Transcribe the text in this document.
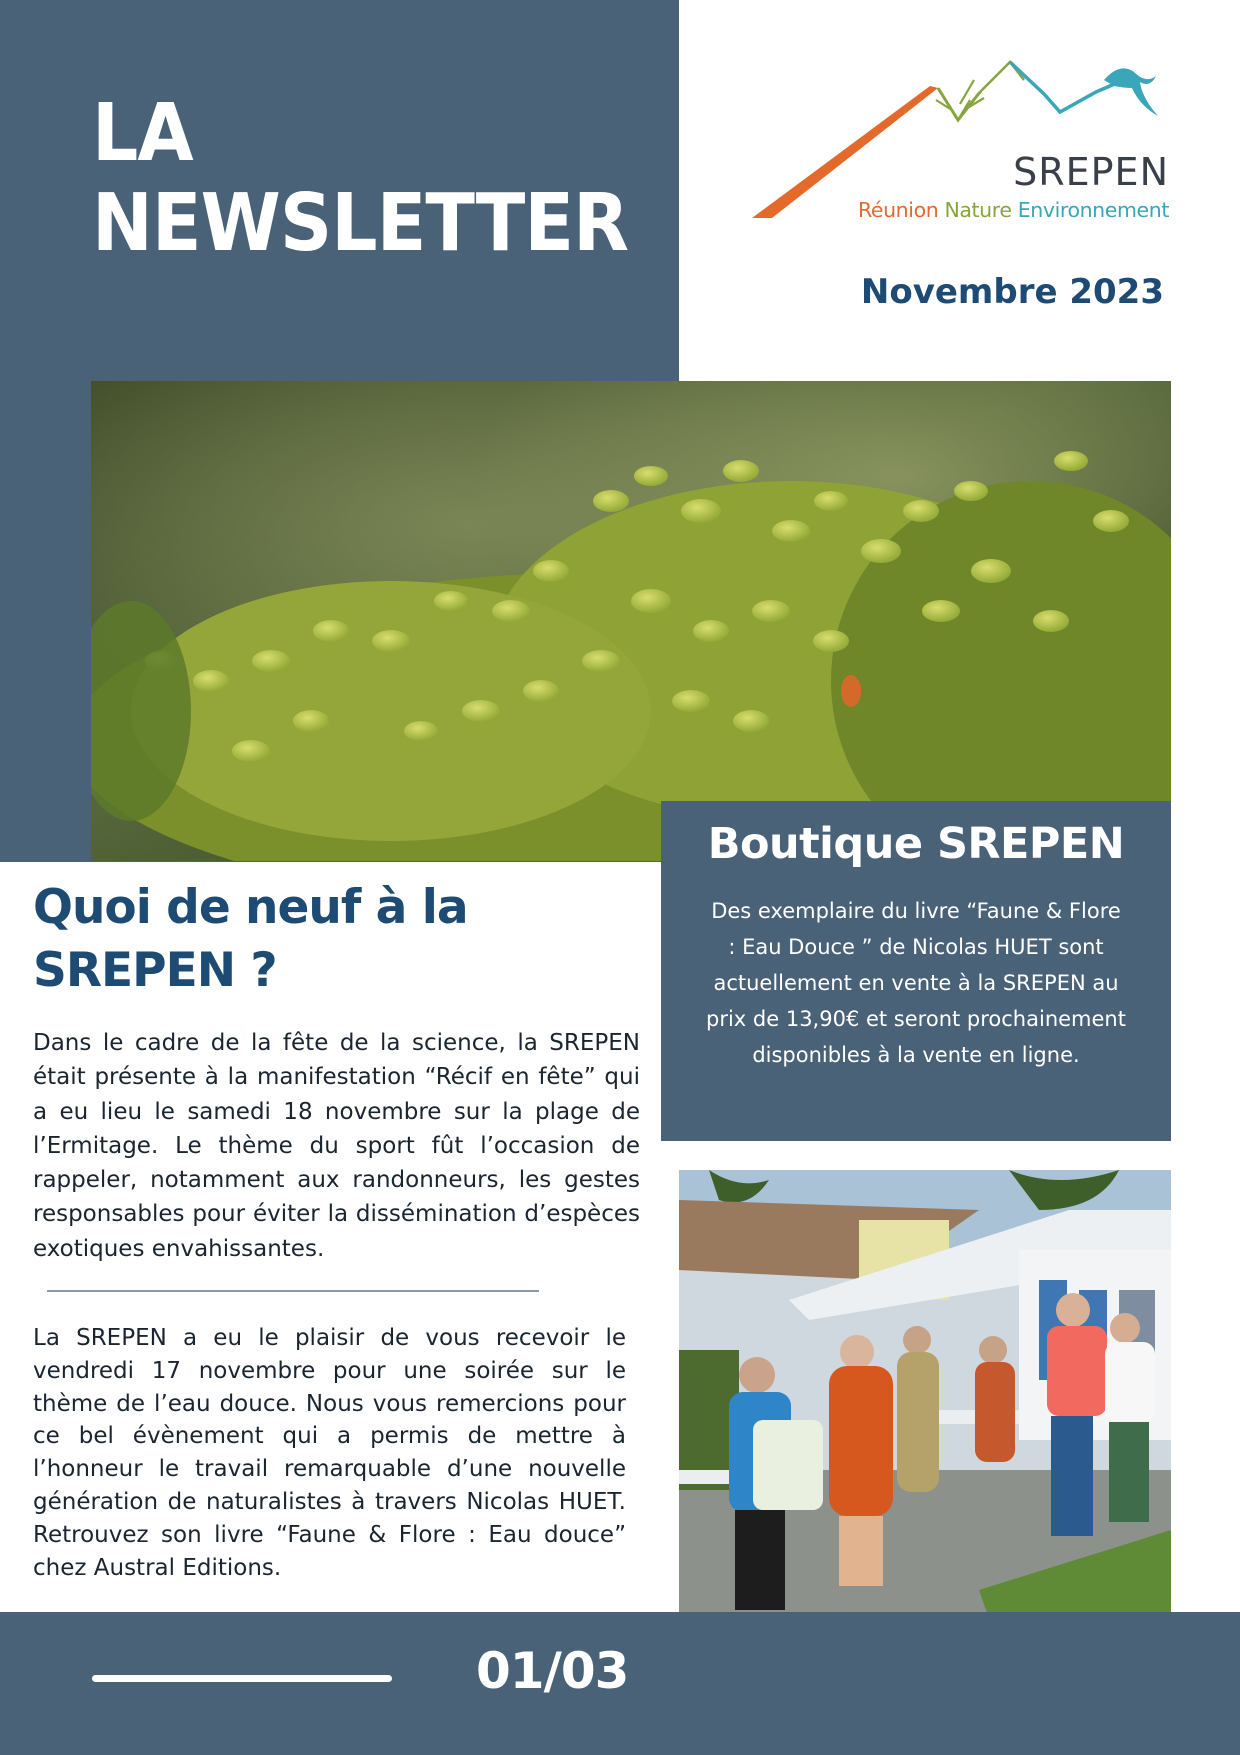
LA
NEWSLETTER
SREPEN
Réunion Nature Environnement
Novembre 2023
Boutique SREPEN

Des exemplaire du livre “Faune & Flore : Eau Douce ” de Nicolas HUET sont actuellement en vente à la SREPEN au prix de 13,90€ et seront prochainement disponibles à la vente en ligne.

Quoi de neuf à la
SREPEN ?

Dans le cadre de la fête de la science, la SREPEN était présente à la manifestation “Récif en fête” qui a eu lieu le samedi 18 novembre sur la plage de l’Ermitage. Le thème du sport fût l’occasion de rappeler, notamment aux randonneurs, les gestes responsables pour éviter la dissémination d’espèces exotiques envahissantes.

La SREPEN a eu le plaisir de vous recevoir le vendredi 17 novembre pour une soirée sur le thème de l’eau douce. Nous vous remercions pour ce bel évènement qui a permis de mettre à l’honneur le travail remarquable d’une nouvelle génération de naturalistes à travers Nicolas HUET. Retrouvez son livre “Faune & Flore : Eau douce” chez Austral Editions.

01/03
